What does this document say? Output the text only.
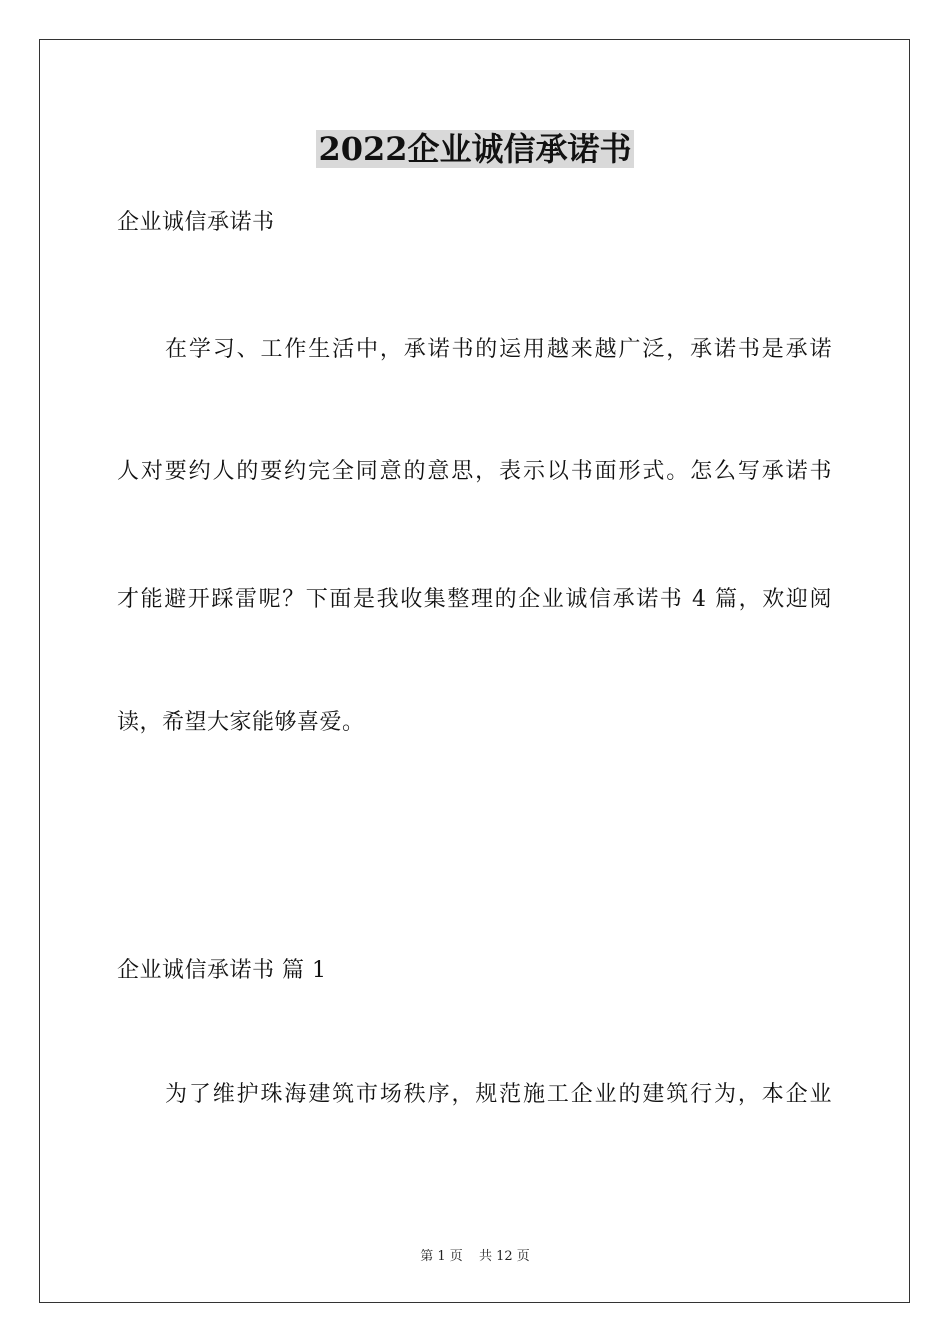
2022企业诚信承诺书
企业诚信承诺书
在学习、工作生活中，承诺书的运用越来越广泛，承诺书是承诺
人对要约人的要约完全同意的意思，表示以书面形式。怎么写承诺书
才能避开踩雷呢？下面是我收集整理的企业诚信承诺书 4 篇，欢迎阅
读，希望大家能够喜爱。
企业诚信承诺书 篇 1
为了维护珠海建筑市场秩序，规范施工企业的建筑行为，本企业
第 1 页 共 12 页
